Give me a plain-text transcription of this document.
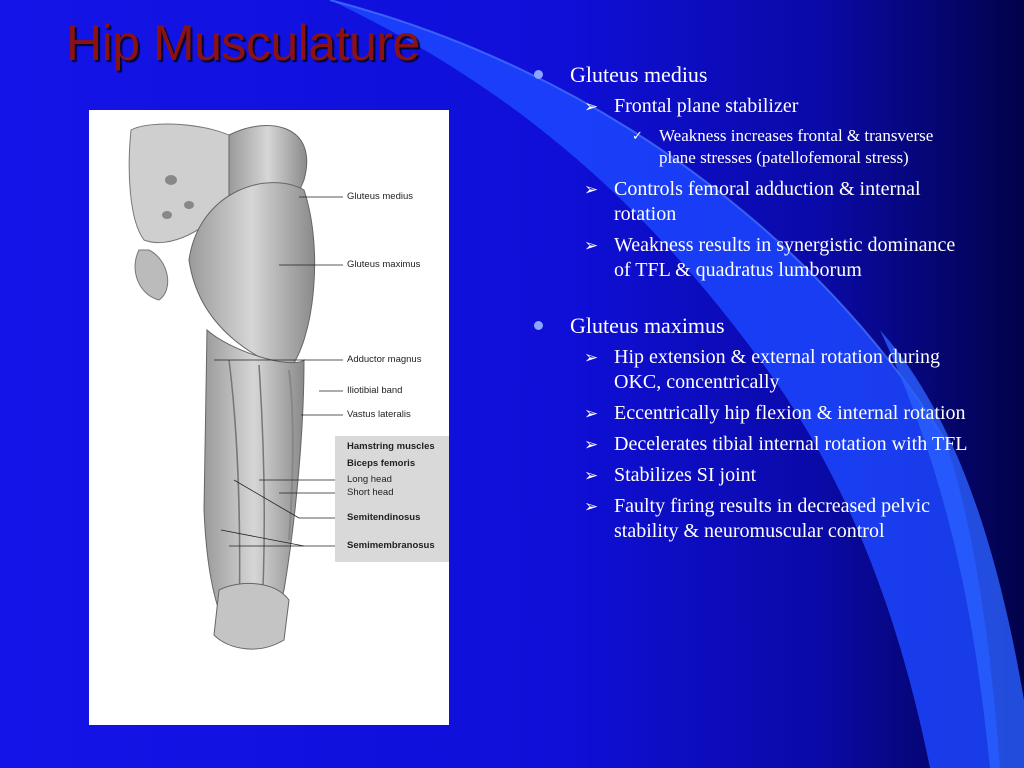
Hip Musculature
Gluteus medius
Gluteus maximus
Adductor magnus
Iliotibial band
Vastus lateralis
Hamstring muscles
Biceps femoris
Long head
Short head
Semitendinosus
Semimembranosus
Gluteus medius
➢ Frontal plane stabilizer
✓ Weakness increases frontal & transverse plane stresses (patellofemoral stress)
➢ Controls femoral adduction & internal rotation
➢ Weakness results in synergistic dominance of TFL & quadratus lumborum
Gluteus maximus
➢ Hip extension & external rotation during OKC, concentrically
➢ Eccentrically hip flexion & internal rotation
➢ Decelerates tibial internal rotation with TFL
➢ Stabilizes SI joint
➢ Faulty firing results in decreased pelvic stability & neuromuscular control
